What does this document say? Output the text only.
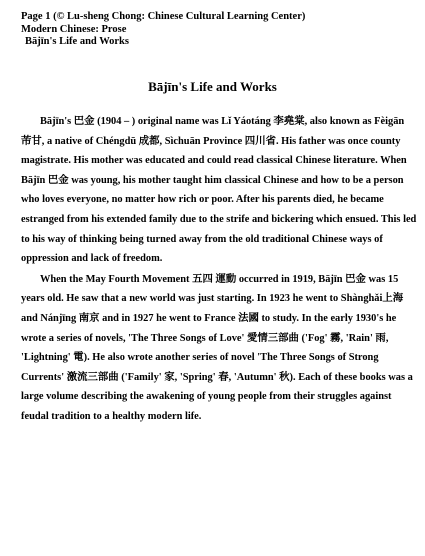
Page 1 (© Lu-sheng Chong: Chinese Cultural Learning Center)
Modern Chinese: Prose
Bājīn's Life and Works
Bājīn's Life and Works

Bājīn's 巴金 (1904 – ) original name was Lǐ Yáotáng 李堯棠, also known as Fèigān 芾甘, a native of Chéngdū 成都, Sìchuān Province 四川省. His father was once county magistrate. His mother was educated and could read classical Chinese literature. When Bājīn 巴金 was young, his mother taught him classical Chinese and how to be a person who loves everyone, no matter how rich or poor. After his parents died, he became estranged from his extended family due to the strife and bickering which ensued. This led to his way of thinking being turned away from the old traditional Chinese ways of oppression and lack of freedom.

When the May Fourth Movement 五四 運動 occurred in 1919, Bājīn 巴金 was 15 years old. He saw that a new world was just starting. In 1923 he went to Shànghǎi上海 and Nánjīng 南京 and in 1927 he went to France 法國 to study. In the early 1930's he wrote a series of novels, 'The Three Songs of Love' 愛情三部曲 ('Fog' 霧, 'Rain' 雨, 'Lightning' 電). He also wrote another series of novel 'The Three Songs of Strong Currents' 激流三部曲 ('Family' 家, 'Spring' 春, 'Autumn' 秋). Each of these books was a large volume describing the awakening of young people from their struggles against feudal tradition to a healthy modern life.
